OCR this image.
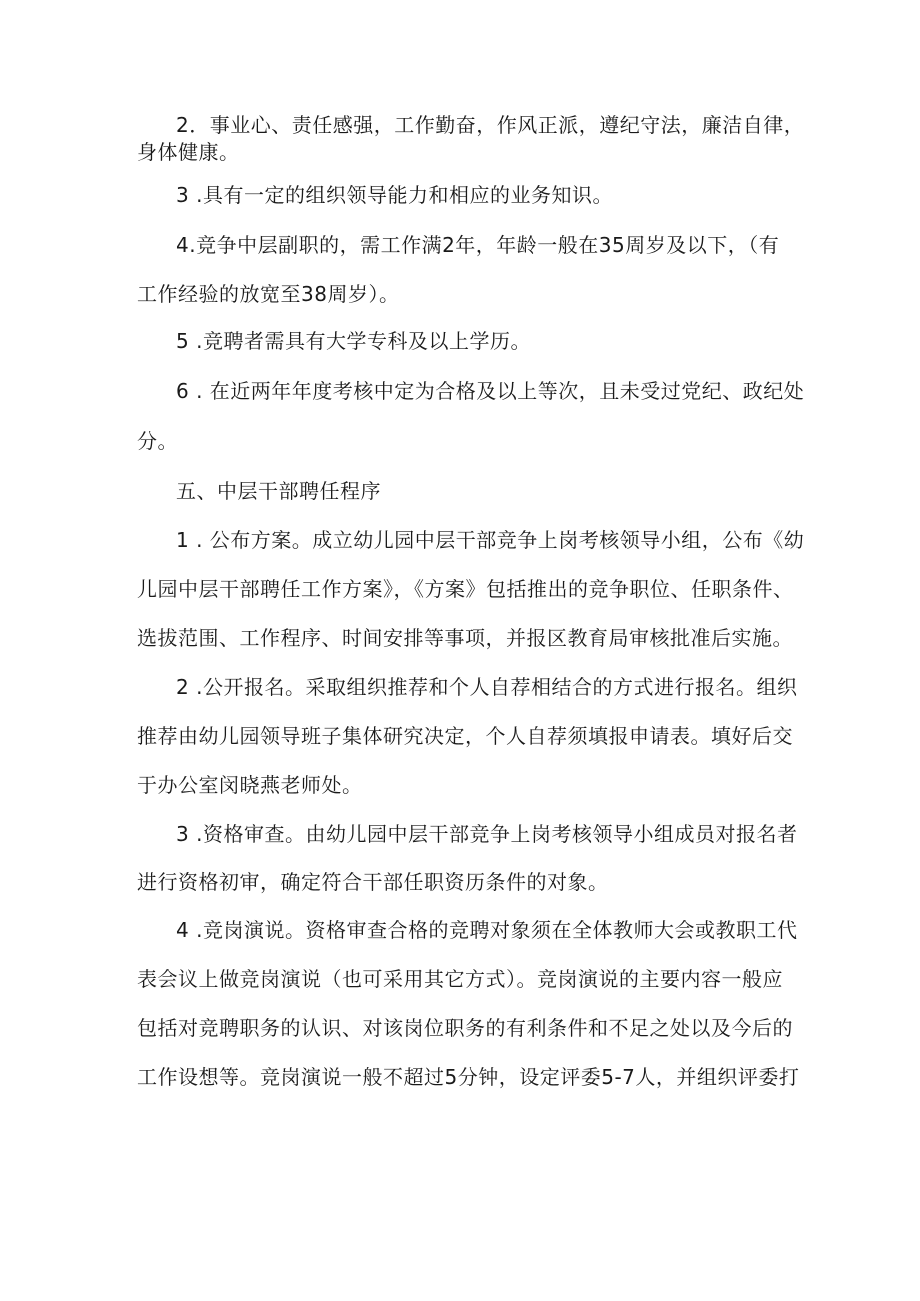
2．事业心、责任感强，工作勤奋，作风正派，遵纪守法，廉洁自律，
身体健康。
3 .具有一定的组织领导能力和相应的业务知识。
4.竞争中层副职的，需工作满2年，年龄一般在35周岁及以下，（有
工作经验的放宽至38周岁）。
5 .竞聘者需具有大学专科及以上学历。
6 . 在近两年年度考核中定为合格及以上等次，且未受过党纪、政纪处
分。
五、中层干部聘任程序
1 . 公布方案。成立幼儿园中层干部竞争上岗考核领导小组，公布《幼
儿园中层干部聘任工作方案》，《方案》包括推出的竞争职位、任职条件、
选拔范围、工作程序、时间安排等事项，并报区教育局审核批准后实施。
2 .公开报名。采取组织推荐和个人自荐相结合的方式进行报名。组织
推荐由幼儿园领导班子集体研究决定，个人自荐须填报申请表。填好后交
于办公室闵晓燕老师处。
3 .资格审查。由幼儿园中层干部竞争上岗考核领导小组成员对报名者
进行资格初审，确定符合干部任职资历条件的对象。
4 .竞岗演说。资格审查合格的竞聘对象须在全体教师大会或教职工代
表会议上做竞岗演说（也可采用其它方式）。竞岗演说的主要内容一般应
包括对竞聘职务的认识、对该岗位职务的有利条件和不足之处以及今后的
工作设想等。竞岗演说一般不超过5分钟，设定评委5-7人，并组织评委打
